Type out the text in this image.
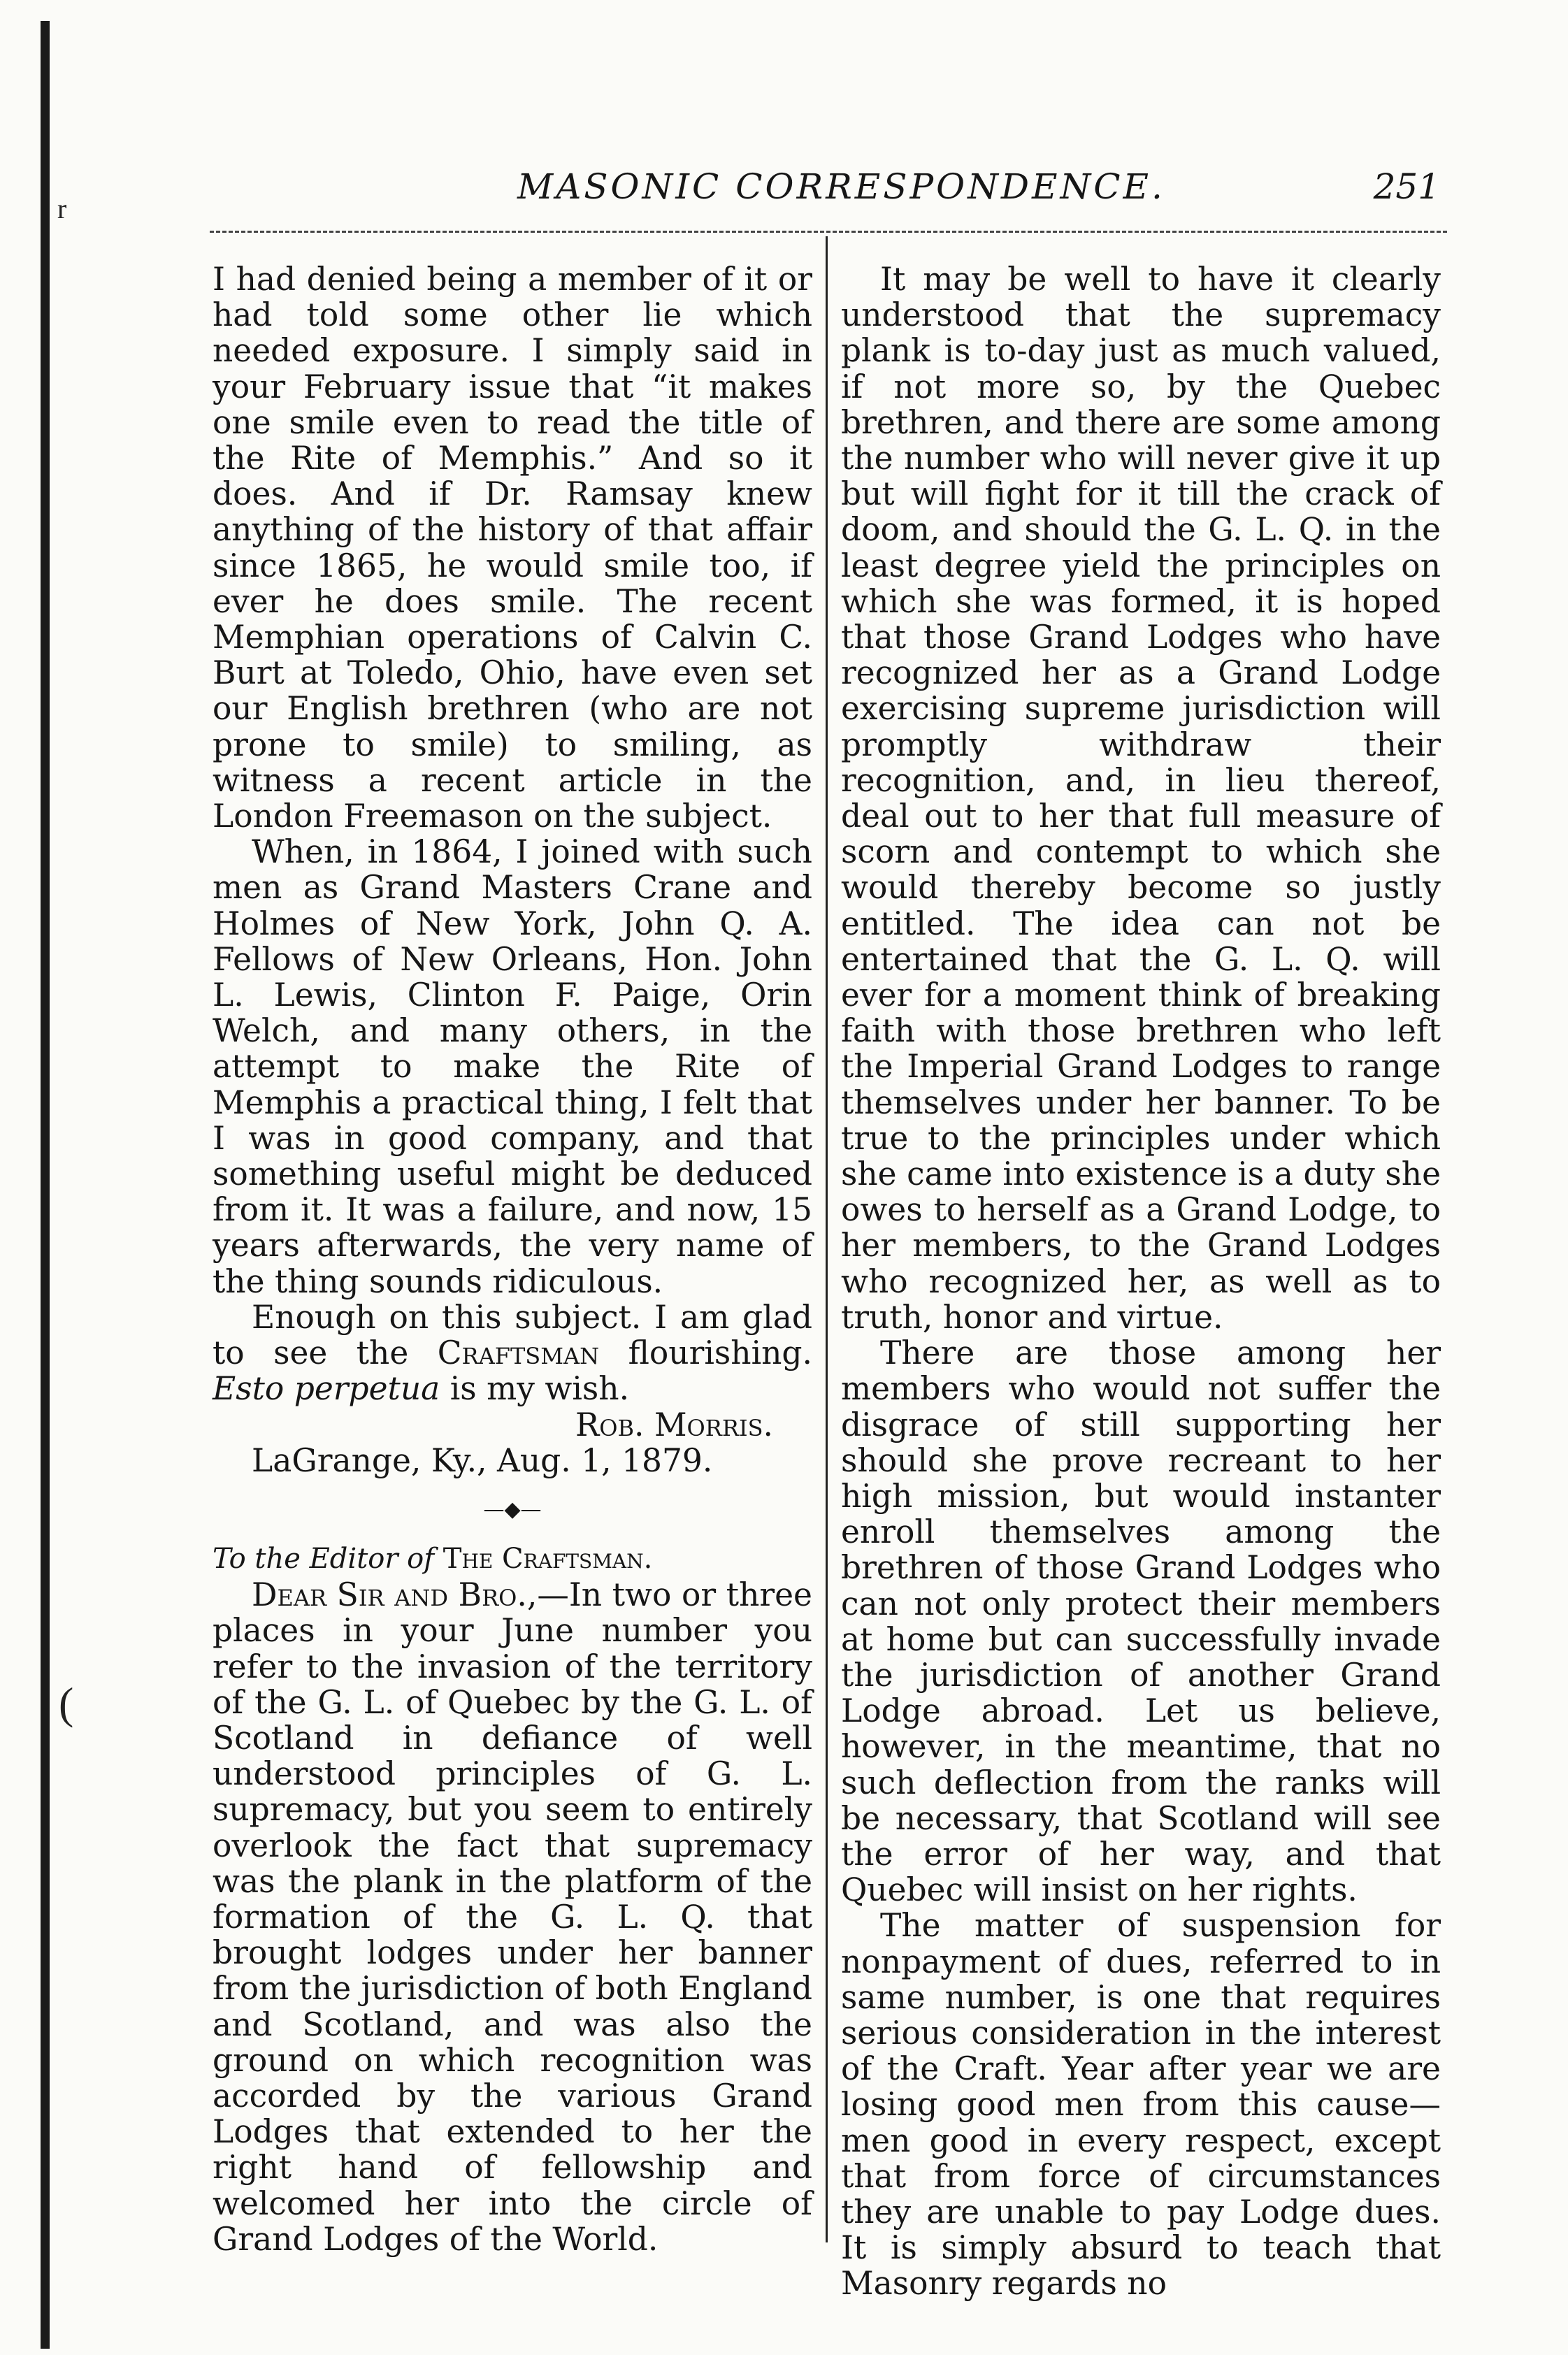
r
(
MASONIC CORRESPONDENCE.	251

I had denied being a member of it or had told some other lie which needed exposure. I simply said in your February issue that “it makes one smile even to read the title of the Rite of Memphis.” And so it does. And if Dr. Ramsay knew anything of the history of that affair since 1865, he would smile too, if ever he does smile. The recent Memphian operations of Calvin C. Burt at Toledo, Ohio, have even set our English brethren (who are not prone to smile) to smiling, as witness a recent article in the London Freemason on the subject.

When, in 1864, I joined with such men as Grand Masters Crane and Holmes of New York, John Q. A. Fellows of New Orleans, Hon. John L. Lewis, Clinton F. Paige, Orin Welch, and many others, in the attempt to make the Rite of Memphis a practical thing, I felt that I was in good company, and that something useful might be deduced from it. It was a failure, and now, 15 years afterwards, the very name of the thing sounds ridiculous.

Enough on this subject. I am glad to see the Craftsman flourishing. Esto perpetua is my wish.

Rob. Morris.

LaGrange, Ky., Aug. 1, 1879.

—◆—

To the Editor of The Craftsman.

Dear Sir and Bro.,—In two or three places in your June number you refer to the invasion of the territory of the G. L. of Quebec by the G. L. of Scotland in defiance of well understood principles of G. L. supremacy, but you seem to entirely overlook the fact that supremacy was the plank in the platform of the formation of the G. L. Q. that brought lodges under her banner from the jurisdiction of both England and Scotland, and was also the ground on which recognition was accorded by the various Grand Lodges that extended to her the right hand of fellowship and welcomed her into the circle of Grand Lodges of the World.

It may be well to have it clearly understood that the supremacy plank is to-day just as much valued, if not more so, by the Quebec brethren, and there are some among the number who will never give it up but will fight for it till the crack of doom, and should the G. L. Q. in the least degree yield the principles on which she was formed, it is hoped that those Grand Lodges who have recognized her as a Grand Lodge exercising supreme jurisdiction will promptly withdraw their recognition, and, in lieu thereof, deal out to her that full measure of scorn and contempt to which she would thereby become so justly entitled. The idea can not be entertained that the G. L. Q. will ever for a moment think of breaking faith with those brethren who left the Imperial Grand Lodges to range themselves under her banner. To be true to the principles under which she came into existence is a duty she owes to herself as a Grand Lodge, to her members, to the Grand Lodges who recognized her, as well as to truth, honor and virtue.

There are those among her members who would not suffer the disgrace of still supporting her should she prove recreant to her high mission, but would instanter enroll themselves among the brethren of those Grand Lodges who can not only protect their members at home but can successfully invade the jurisdiction of another Grand Lodge abroad. Let us believe, however, in the meantime, that no such deflection from the ranks will be necessary, that Scotland will see the error of her way, and that Quebec will insist on her rights.

The matter of suspension for nonpayment of dues, referred to in same number, is one that requires serious consideration in the interest of the Craft. Year after year we are losing good men from this cause—men good in every respect, except that from force of circumstances they are unable to pay Lodge dues. It is simply absurd to teach that Masonry regards no
